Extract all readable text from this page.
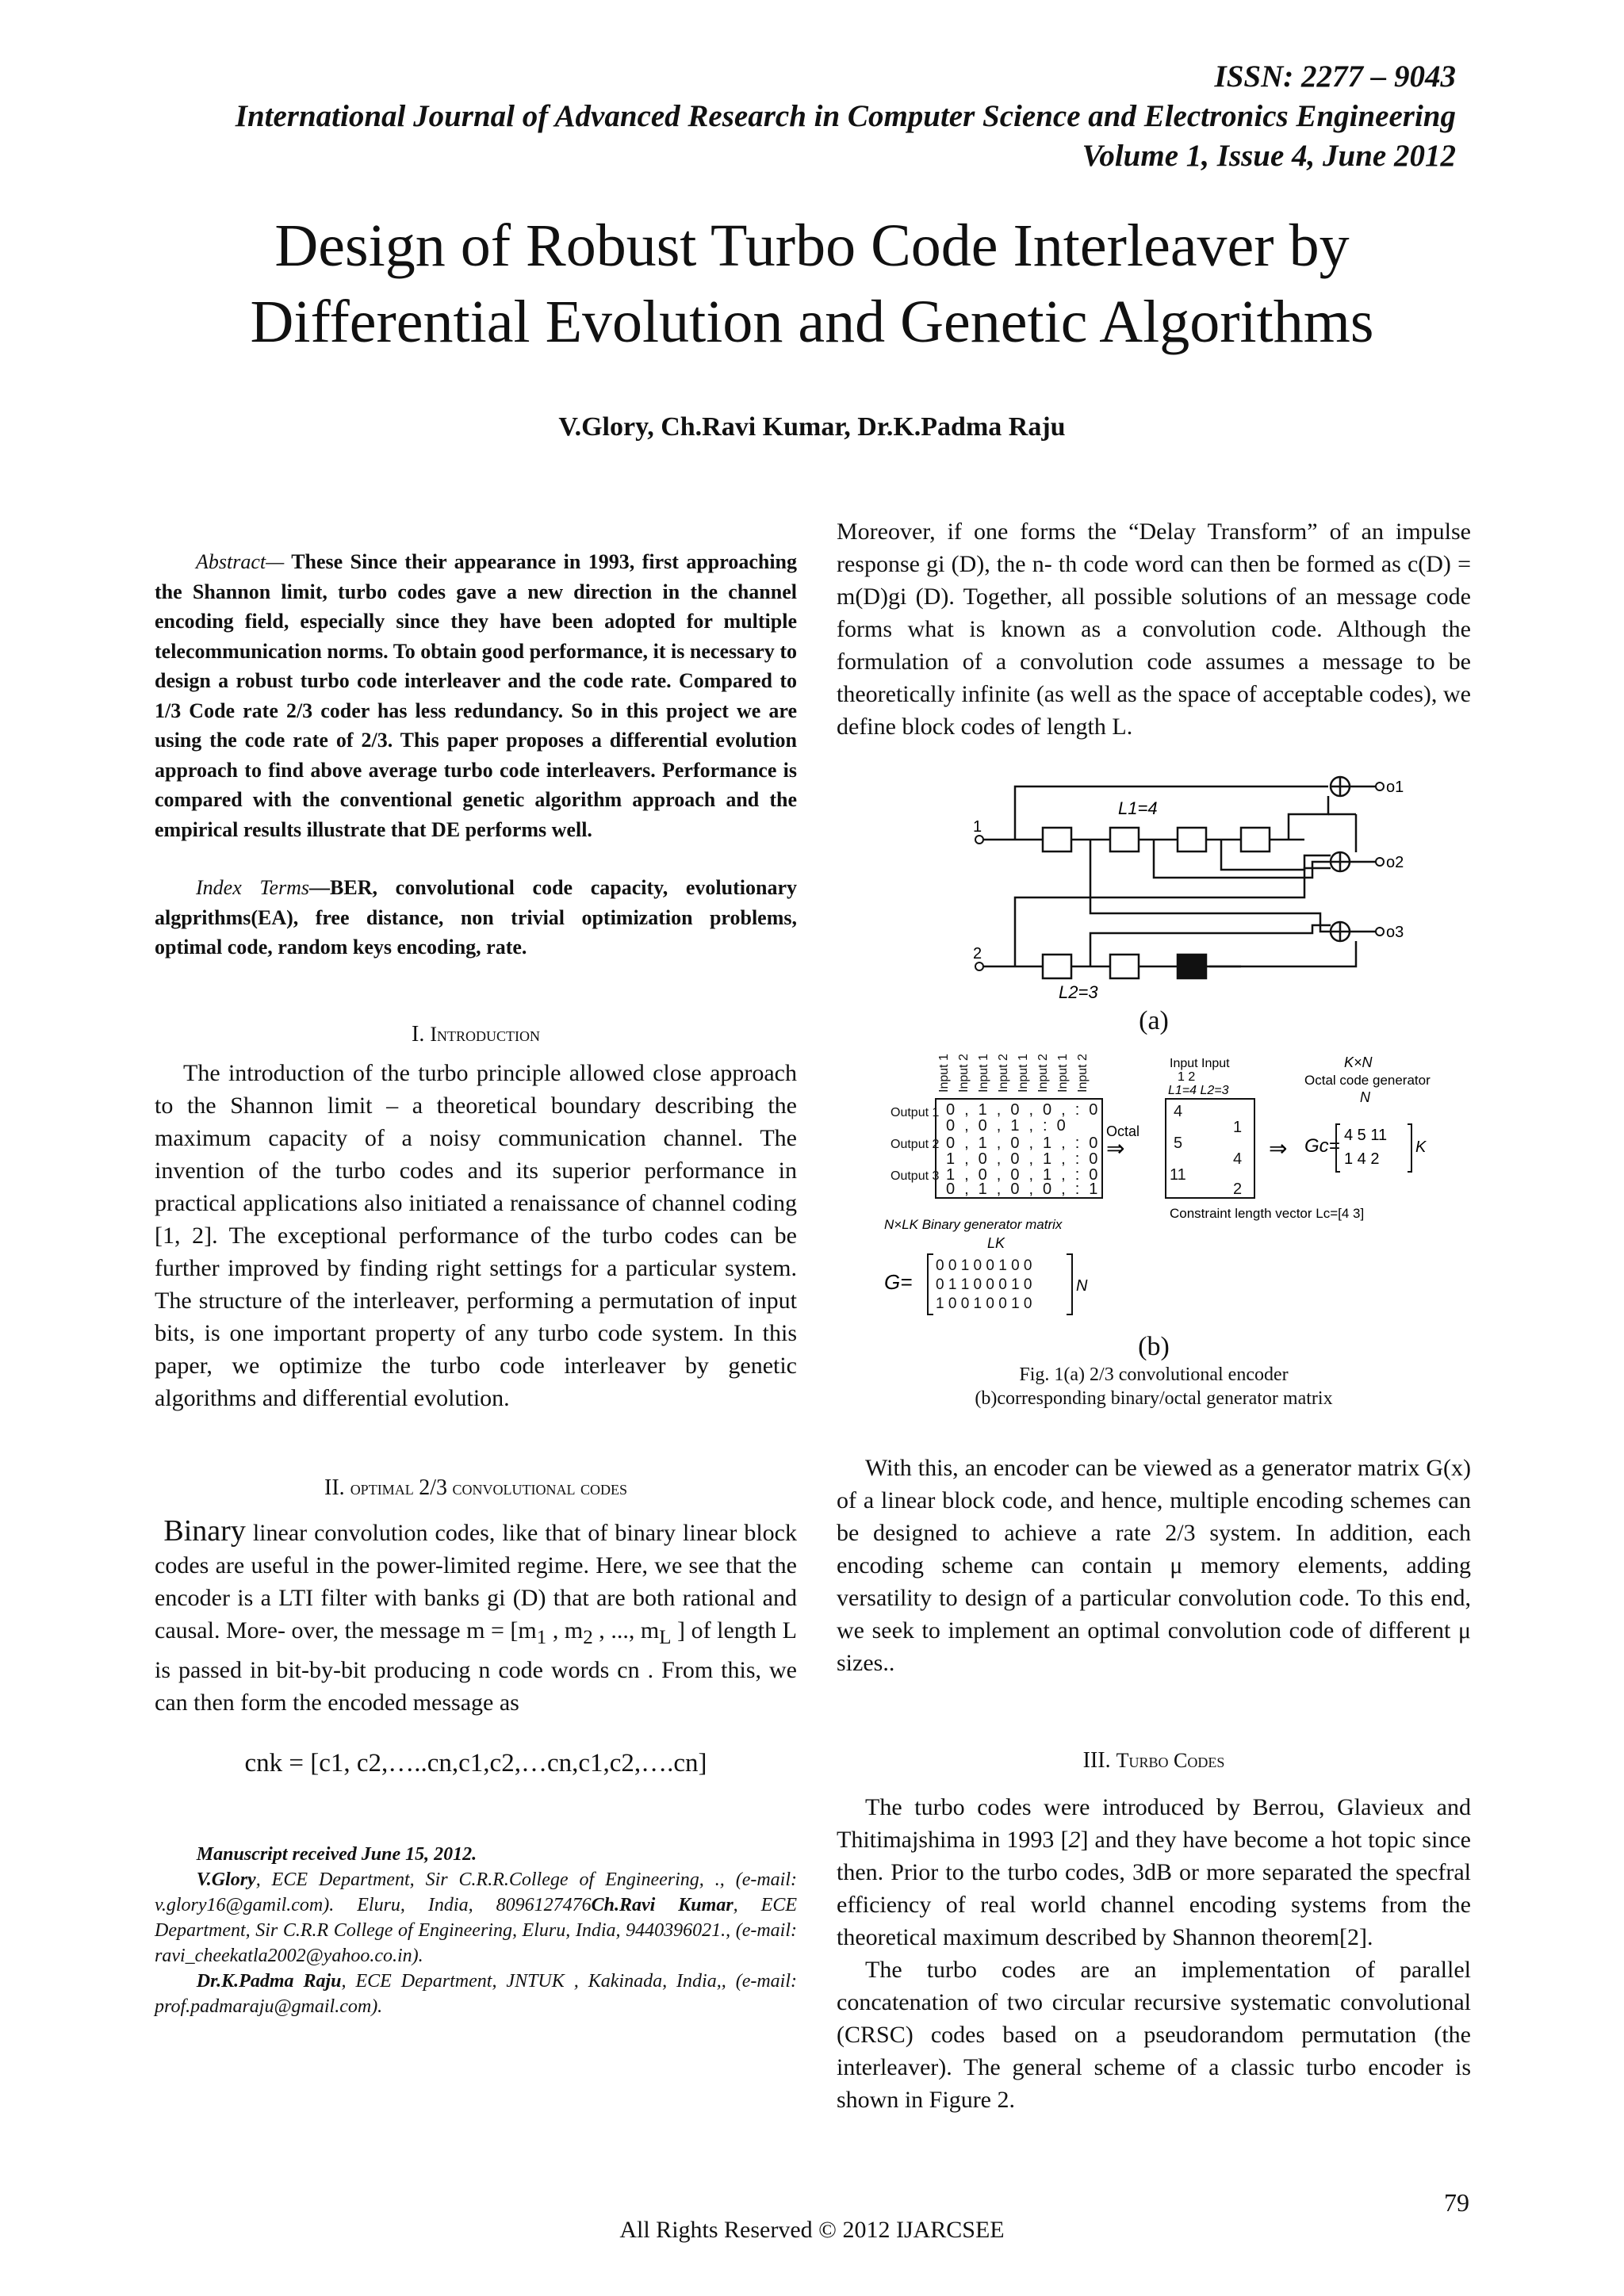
ISSN: 2277 – 9043
International Journal of Advanced Research in Computer Science and Electronics Engineering
Volume 1, Issue 4, June 2012
Design of Robust Turbo Code Interleaver by
Differential Evolution and Genetic Algorithms
V.Glory, Ch.Ravi Kumar, Dr.K.Padma Raju

Abstract— These Since their appearance in 1993, first approaching the Shannon limit, turbo codes gave a new direction in the channel encoding field, especially since they have been adopted for multiple telecommunication norms. To obtain good performance, it is necessary to design a robust turbo code interleaver and the code rate. Compared to 1/3 Code rate 2/3 coder has less redundancy. So in this project we are using the code rate of 2/3. This paper proposes a differential evolution approach to find above average turbo code interleavers. Performance is compared with the conventional genetic algorithm approach and the empirical results illustrate that DE performs well.

Index Terms—BER, convolutional code capacity, evolutionary algprithms(EA), free distance, non trivial optimization problems, optimal code, random keys encoding, rate.

I. Introduction

The introduction of the turbo principle allowed close approach to the Shannon limit – a theoretical boundary describing the maximum capacity of a noisy communication channel. The invention of the turbo codes and its superior performance in practical applications also initiated a renaissance of channel coding [1, 2]. The exceptional performance of the turbo codes can be further improved by finding right settings for a particular system. The structure of the interleaver, performing a permutation of input bits, is one important property of any turbo code system. In this paper, we optimize the turbo code interleaver by genetic algorithms and differential evolution.

II. optimal 2/3 convolutional codes

Binary linear convolution codes, like that of binary linear block codes are useful in the power-limited regime. Here, we see that the encoder is a LTI filter with banks gi (D) that are both rational and causal. More- over, the message $m = [m_1$ , $m_2$ , ..., $m_L$ ] of length L is passed in bit-by-bit producing n code words cn . From this, we can then form the encoded message as

cnk = [c1, c2,…..cn,c1,c2,…cn,c1,c2,….cn]

Manuscript received June 15, 2012.

V.Glory, ECE Department, Sir C.R.R.College of Engineering, ., (e-mail: v.glory16@gamil.com). Eluru, India, 8096127476Ch.Ravi Kumar, ECE Department, Sir C.R.R College of Engineering, Eluru, India, 9440396021., (e-mail: ravi_cheekatla2002@yahoo.co.in).

Dr.K.Padma Raju, ECE Department, JNTUK , Kakinada, India,, (e-mail: prof.padmaraju@gmail.com).

Moreover, if one forms the “Delay Transform” of an impulse response gi (D), the n- th code word can then be formed as c(D) = m(D)gi (D). Together, all possible solutions of an message code forms what is known as a convolution code. Although the formulation of a convolution code assumes a message to be theoretically infinite (as well as the space of acceptable codes), we define block codes of length L.

1
2
o1
o2
o3
L1=4
L2=3

(a)

Input 1 Input 2 Input 1 Input 2 Input 1 Input 2 Input 1 Input 2
Output 1
Output 2
Output 3
0,1,0,0,:0
0,0,1,:0
0,1,0,1,:0
1,0,0,1,:0
1,0,0,1,:0
0,1,0,0,:1
Octal
⇒
Input Input
1 2
L1=4 L2=3
4
1
5
4
11
2
⇒
K×N
Octal code generator
N
Gc= 4 5 11
1 4 2
K
Constraint length vector Lc=[4 3]
N×LK Binary generator matrix
LK
G=
0 0 1 0 0 1 0 0
0 1 1 0 0 0 1 0
1 0 0 1 0 0 1 0
N

(b)

Fig. 1(a) 2/3 convolutional encoder

(b)corresponding binary/octal generator matrix

With this, an encoder can be viewed as a generator matrix G(x) of a linear block code, and hence, multiple encoding schemes can be designed to achieve a rate 2/3 system. In addition, each encoding scheme can contain μ memory elements, adding versatility to design of a particular convolution code. To this end, we seek to implement an optimal convolution code of different μ sizes..

III. Turbo Codes

The turbo codes were introduced by Berrou, Glavieux and Thitimajshima in 1993 [2] and they have become a hot topic since then. Prior to the turbo codes, 3dB or more separated the specfral efficiency of real world channel encoding systems from the theoretical maximum described by Shannon theorem[2].

The turbo codes are an implementation of parallel concatenation of two circular recursive systematic convolutional (CRSC) codes based on a pseudorandom permutation (the interleaver). The general scheme of a classic turbo encoder is shown in Figure 2.

79
All Rights Reserved © 2012 IJARCSEE
